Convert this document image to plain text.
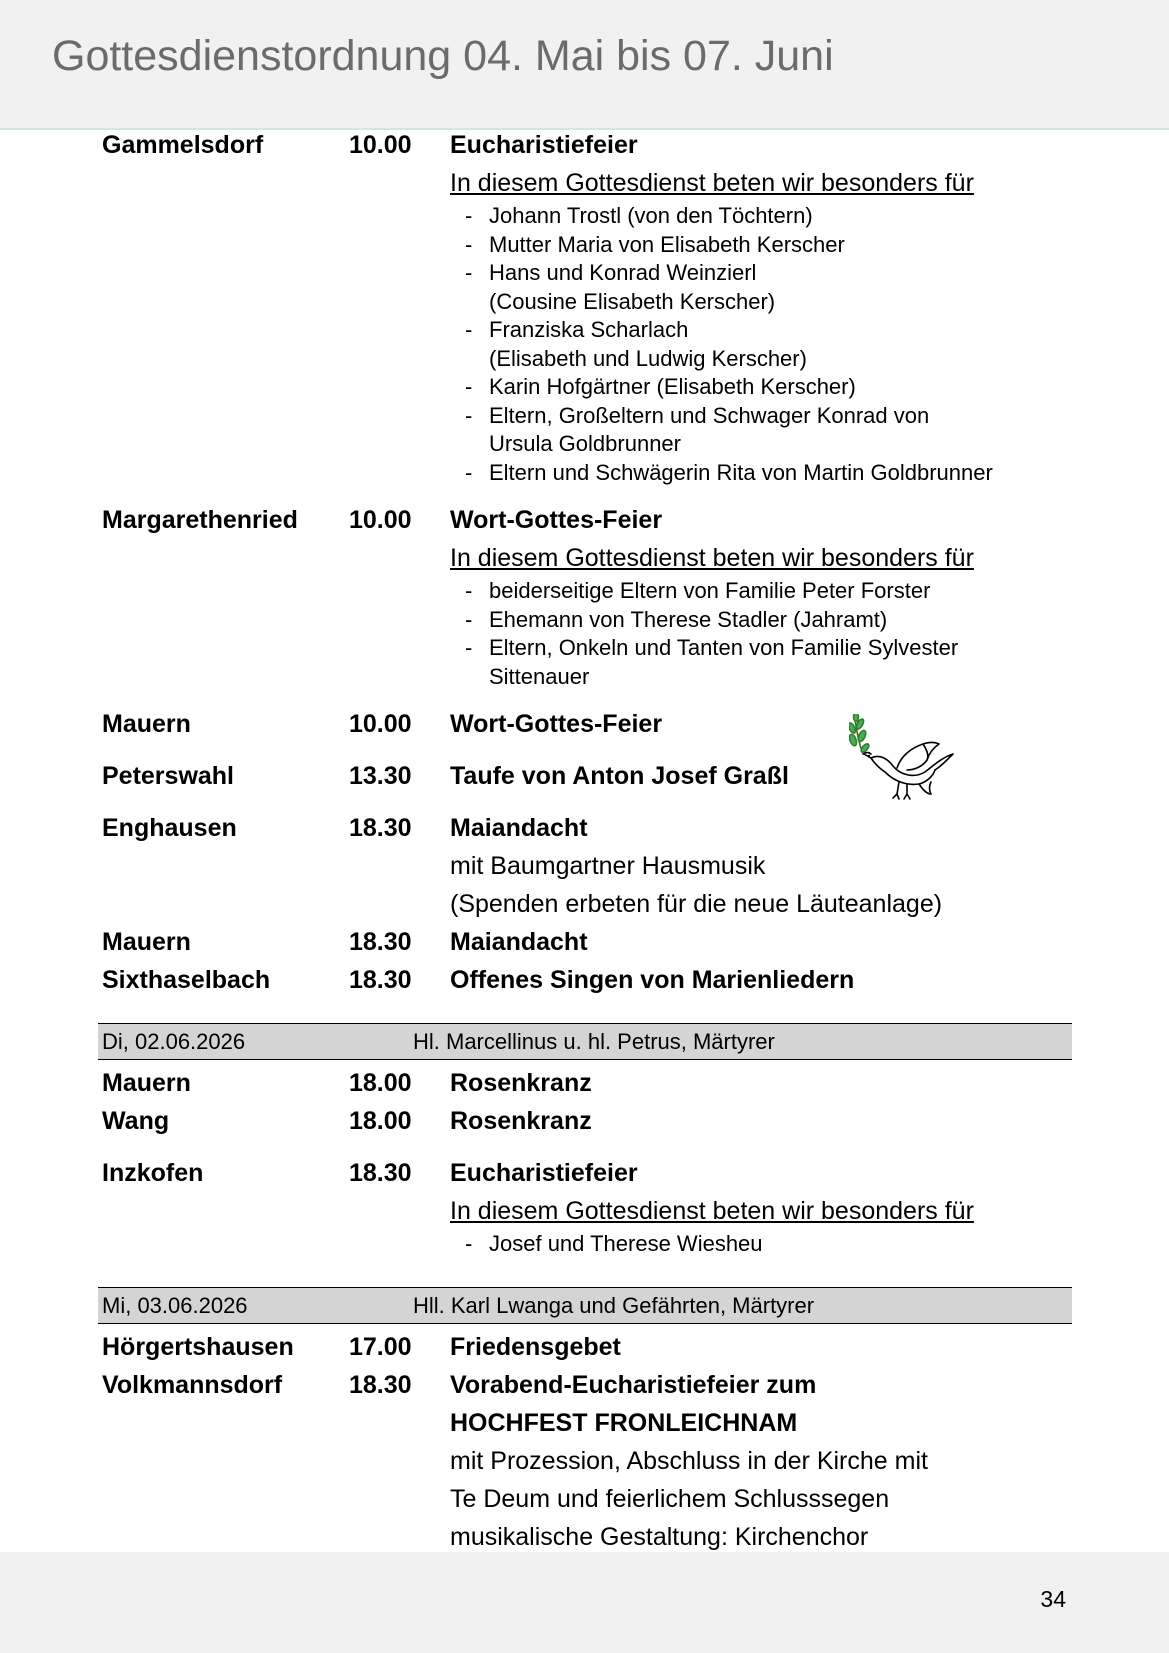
Gottesdienstordnung 04. Mai bis 07. Juni
Gammelsdorf	10.00 Eucharistiefeier
In diesem Gottesdienst beten wir besonders für
- Johann Trostl (von den Töchtern)
- Mutter Maria von Elisabeth Kerscher
- Hans und Konrad Weinzierl
(Cousine Elisabeth Kerscher)
- Franziska Scharlach
(Elisabeth und Ludwig Kerscher)
- Karin Hofgärtner (Elisabeth Kerscher)
- Eltern, Großeltern und Schwager Konrad von
Ursula Goldbrunner
- Eltern und Schwägerin Rita von Martin Goldbrunner
Margarethenried 10.00 Wort-Gottes-Feier
In diesem Gottesdienst beten wir besonders für
- beiderseitige Eltern von Familie Peter Forster
- Ehemann von Therese Stadler (Jahramt)
- Eltern, Onkeln und Tanten von Familie Sylvester
Sittenauer
Mauern	10.00 Wort-Gottes-Feier
Peterswahl	13.30 Taufe von Anton Josef Graßl
Enghausen	18.30 Maiandacht
mit Baumgartner Hausmusik
(Spenden erbeten für die neue Läuteanlage)
Mauern	18.30 Maiandacht
Sixthaselbach	18.30 Offenes Singen von Marienliedern
Di, 02.06.2026	Hl. Marcellinus u. hl. Petrus, Märtyrer
Mauern	18.00 Rosenkranz
Wang	18.00 Rosenkranz
Inzkofen	18.30 Eucharistiefeier
In diesem Gottesdienst beten wir besonders für
- Josef und Therese Wiesheu
Mi, 03.06.2026	Hll. Karl Lwanga und Gefährten, Märtyrer
Hörgertshausen 17.00 Friedensgebet
Volkmannsdorf	18.30 Vorabend-Eucharistiefeier zum
HOCHFEST FRONLEICHNAM
mit Prozession, Abschluss in der Kirche mit
Te Deum und feierlichem Schlusssegen
musikalische Gestaltung: Kirchenchor
34
